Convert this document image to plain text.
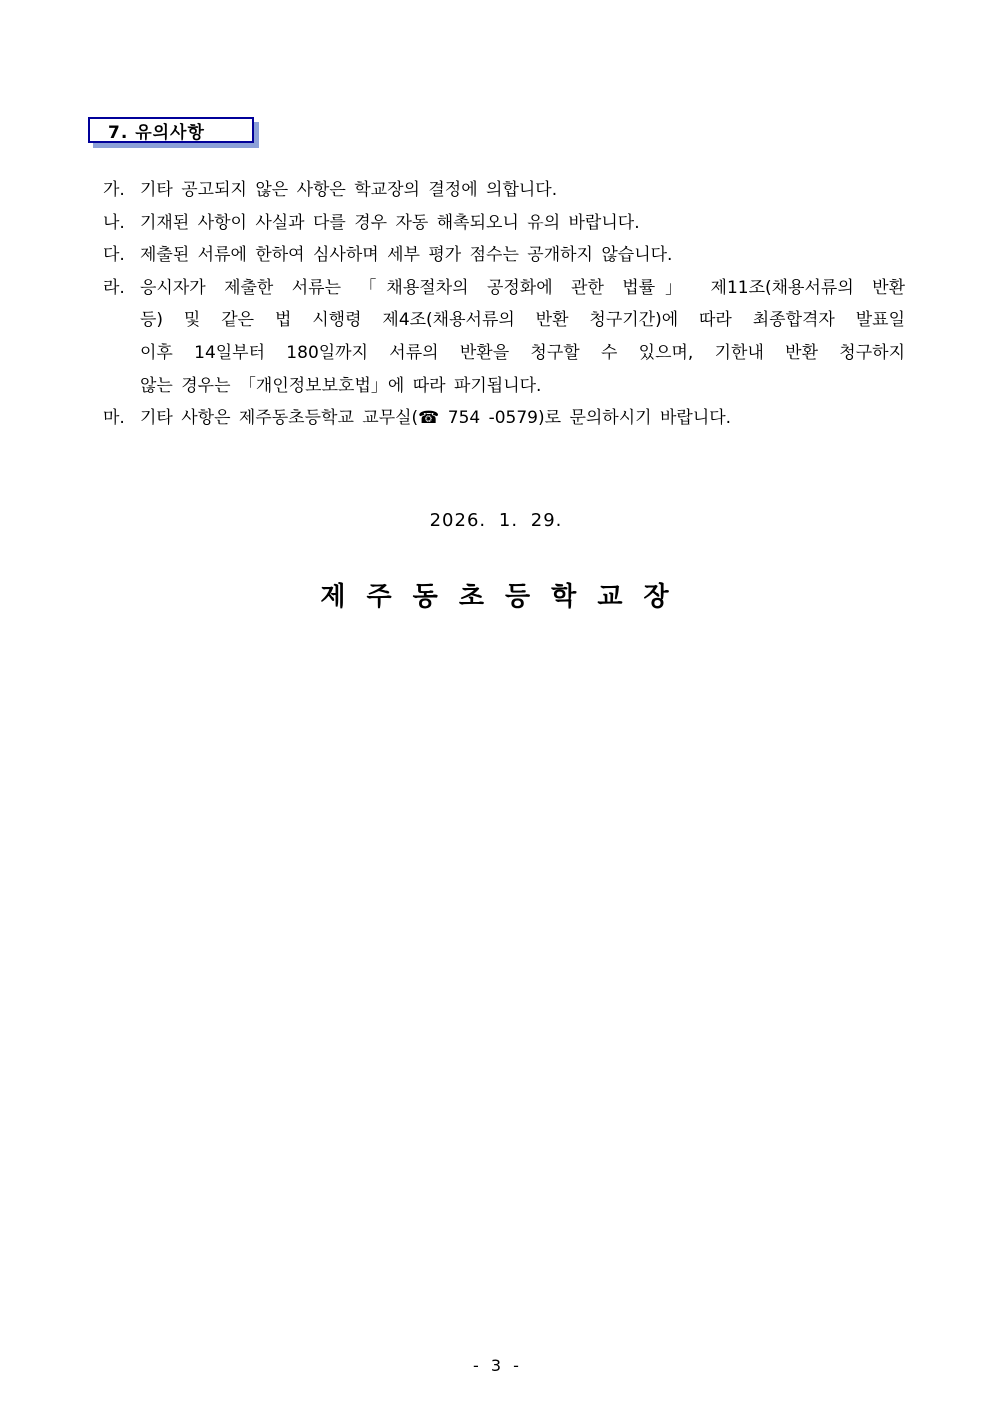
7. 유의사항
가. 기타 공고되지 않은 사항은 학교장의 결정에 의합니다.
나. 기재된 사항이 사실과 다를 경우 자동 해촉되오니 유의 바랍니다.
다. 제출된 서류에 한하여 심사하며 세부 평가 점수는 공개하지 않습니다.
라. 응시자가 제출한 서류는 「채용절차의 공정화에 관한 법률」 제11조(채용서류의 반환
등) 및 같은 법 시행령 제4조(채용서류의 반환 청구기간)에 따라 최종합격자 발표일
이후 14일부터 180일까지 서류의 반환을 청구할 수 있으며, 기한내 반환 청구하지
않는 경우는 「개인정보보호법」에 따라 파기됩니다.
마. 기타 사항은 제주동초등학교 교무실(☎ 754 -0579)로 문의하시기 바랍니다.
2026. 1. 29.
제 주 동 초 등 학 교 장
- 3 -
